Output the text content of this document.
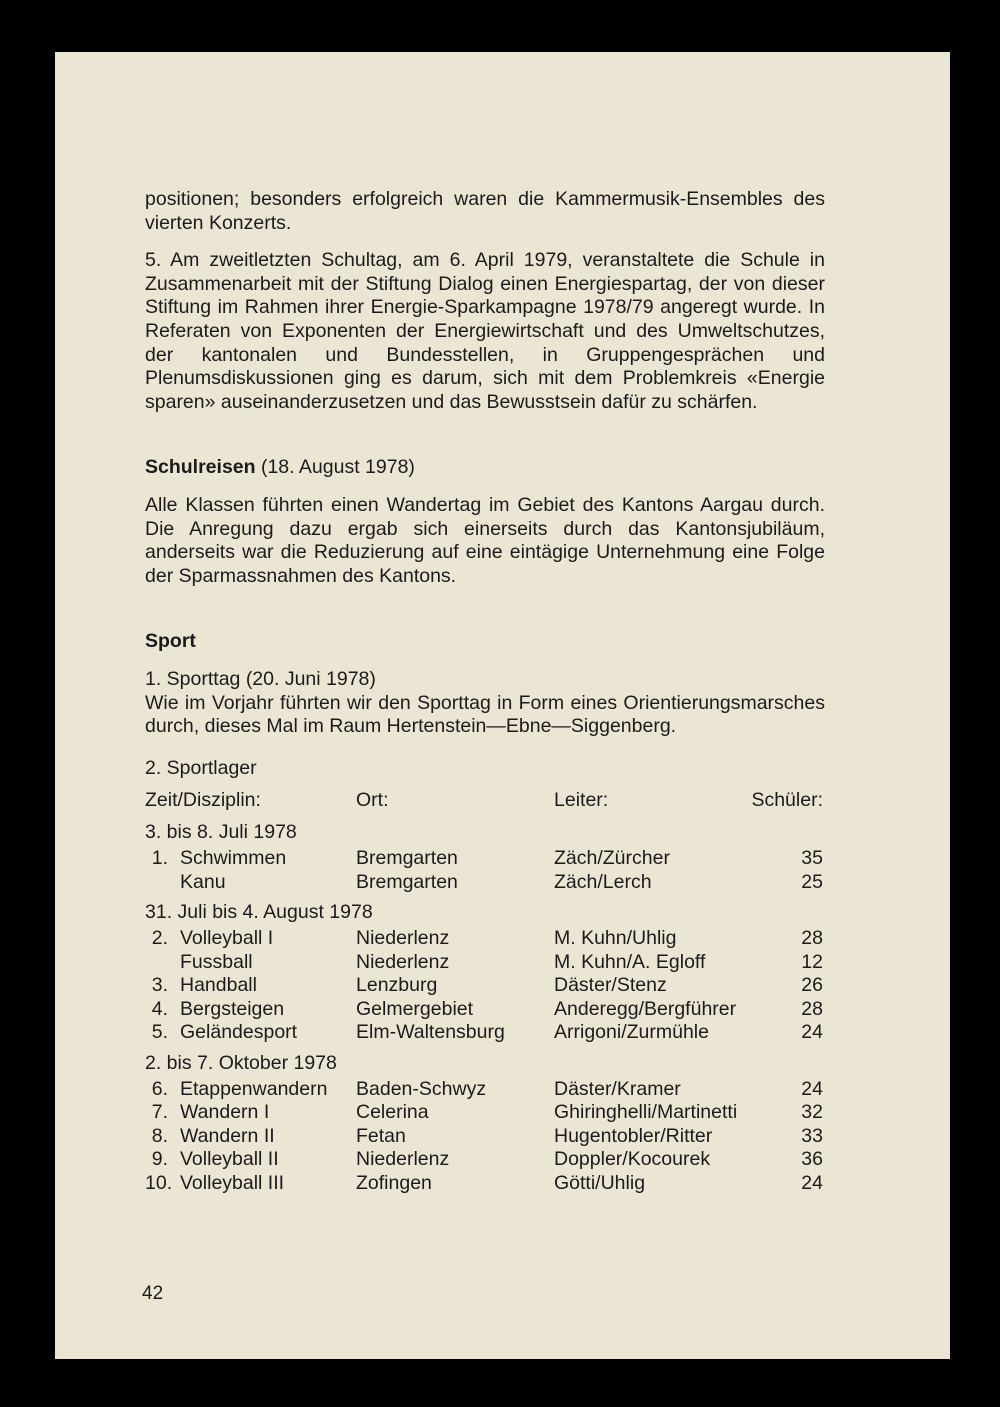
positionen; besonders erfolgreich waren die Kammermusik-Ensembles des vierten Konzerts.

5. Am zweitletzten Schultag, am 6. April 1979, veranstaltete die Schule in Zusammenarbeit mit der Stiftung Dialog einen Energiespartag, der von dieser Stiftung im Rahmen ihrer Energie-Sparkampagne 1978/79 angeregt wurde. In Referaten von Exponenten der Energiewirtschaft und des Umweltschutzes, der kantonalen und Bundesstellen, in Gruppengesprächen und Plenumsdiskussionen ging es darum, sich mit dem Problemkreis «Energie sparen» auseinanderzusetzen und das Bewusstsein dafür zu schärfen.

Schulreisen (18. August 1978)

Alle Klassen führten einen Wandertag im Gebiet des Kantons Aargau durch. Die Anregung dazu ergab sich einerseits durch das Kantonsjubiläum, anderseits war die Reduzierung auf eine eintägige Unternehmung eine Folge der Sparmassnahmen des Kantons.

Sport

1. Sporttag (20. Juni 1978)

Wie im Vorjahr führten wir den Sporttag in Form eines Orientierungsmarsches durch, dieses Mal im Raum Hertenstein—Ebne—Siggenberg.

2. Sportlager

Zeit/Disziplin:	Ort:	Leiter:	Schüler:
3. bis 8. Juli 1978
1. Schwimmen	Bremgarten	Zäch/Zürcher	35
Kanu	Bremgarten	Zäch/Lerch	25
31. Juli bis 4. August 1978
2. Volleyball I	Niederlenz	M. Kuhn/Uhlig	28
Fussball	Niederlenz	M. Kuhn/A. Egloff	12
3. Handball	Lenzburg	Däster/Stenz	26
4. Bergsteigen	Gelmergebiet	Anderegg/Bergführer	28
5. Geländesport	Elm-Waltensburg	Arrigoni/Zurmühle	24
2. bis 7. Oktober 1978
6. Etappenwandern Baden-Schwyz	Däster/Kramer	24
7. Wandern I	Celerina	Ghiringhelli/Martinetti	32
8. Wandern II	Fetan	Hugentobler/Ritter	33
9. Volleyball II	Niederlenz	Doppler/Kocourek	36
10. Volleyball III	Zofingen	Götti/Uhlig	24
42
